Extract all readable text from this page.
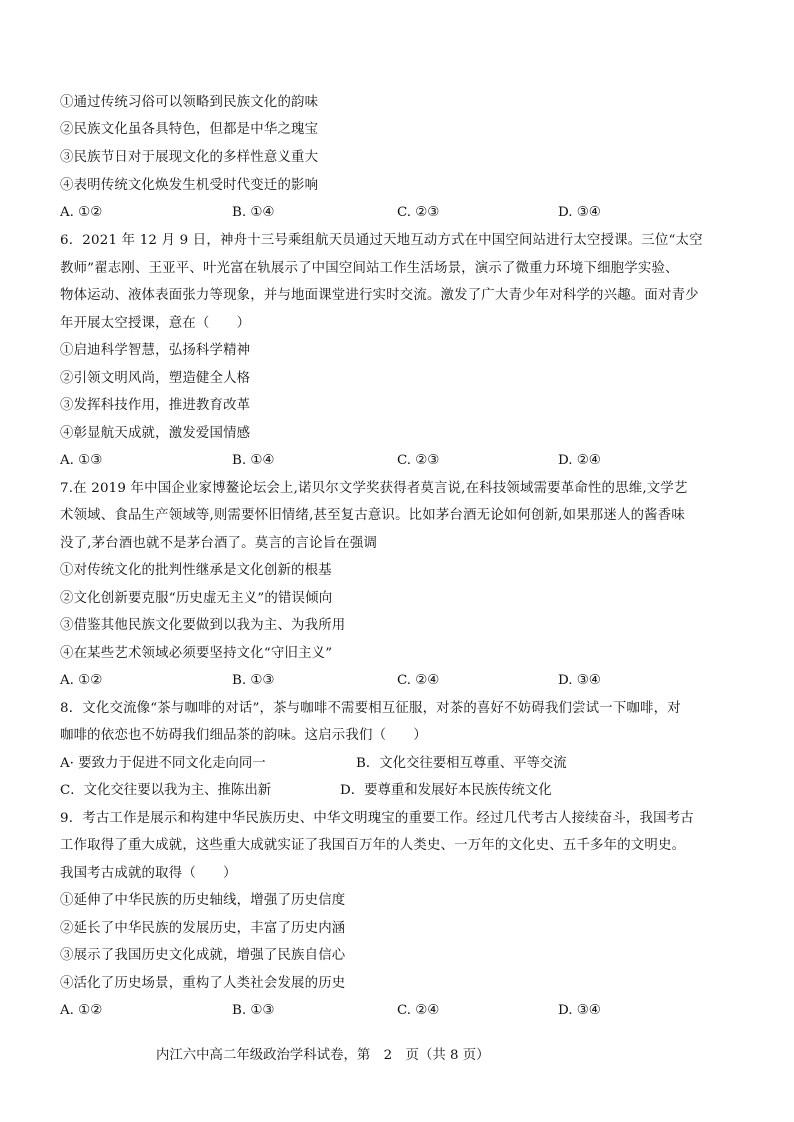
①通过传统习俗可以领略到民族文化的韵味
②民族文化虽各具特色，但都是中华之瑰宝
③民族节日对于展现文化的多样性意义重大
④表明传统文化焕发生机受时代变迁的影响
A. ①②	B. ①④	C. ②③	D. ③④
6．2021 年 12 月 9 日，神舟十三号乘组航天员通过天地互动方式在中国空间站进行太空授课。三位“太空
教师”翟志刚、王亚平、叶光富在轨展示了中国空间站工作生活场景，演示了微重力环境下细胞学实验、
物体运动、液体表面张力等现象，并与地面课堂进行实时交流。激发了广大青少年对科学的兴趣。面对青少
年开展太空授课，意在（　　）
①启迪科学智慧，弘扬科学精神
②引领文明风尚，塑造健全人格
③发挥科技作用，推进教育改革
④彰显航天成就，激发爱国情感
A. ①③	B. ①④	C. ②③	D. ②④
7.在 2019 年中国企业家博鳌论坛会上,诺贝尔文学奖获得者莫言说,在科技领域需要革命性的思维,文学艺
术领域、食品生产领域等,则需要怀旧情绪,甚至复古意识。比如茅台酒无论如何创新,如果那迷人的酱香味
没了,茅台酒也就不是茅台酒了。莫言的言论旨在强调
①对传统文化的批判性继承是文化创新的根基
②文化创新要克服“历史虚无主义”的错误倾向
③借鉴其他民族文化要做到以我为主、为我所用
④在某些艺术领域必须要坚持文化“守旧主义”
A. ①②	B. ①③	C. ②④	D. ③④
8．文化交流像“茶与咖啡的对话”，茶与咖啡不需要相互征服，对茶的喜好不妨碍我们尝试一下咖啡，对
咖啡的依恋也不妨碍我们细品茶的韵味。这启示我们（　　）
A· 要致力于促进不同文化走向同一	B．文化交往要相互尊重、平等交流
C．文化交往要以我为主、推陈出新	D．要尊重和发展好本民族传统文化
9．考古工作是展示和构建中华民族历史、中华文明瑰宝的重要工作。经过几代考古人接续奋斗，我国考古
工作取得了重大成就，这些重大成就实证了我国百万年的人类史、一万年的文化史、五千多年的文明史。
我国考古成就的取得（　　）
①延伸了中华民族的历史轴线，增强了历史信度
②延长了中华民族的发展历史，丰富了历史内涵
③展示了我国历史文化成就，增强了民族自信心
④活化了历史场景，重构了人类社会发展的历史
A. ①②	B. ①③	C. ②④	D. ③④
内江六中高二年级政治学科试卷，第　2　页（共 8 页）
